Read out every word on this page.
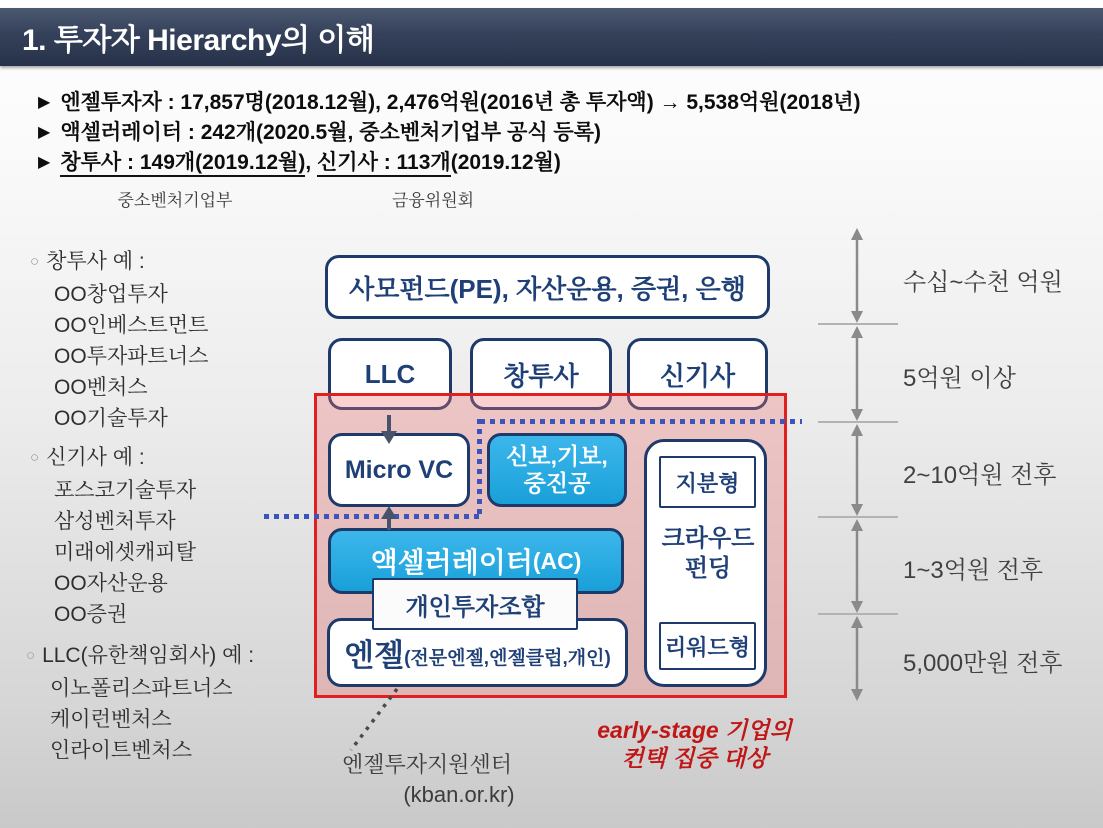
1. 투자자 Hierarchy의 이해
▶ 엔젤투자자 : 17,857명(2018.12월), 2,476억원(2016년 총 투자액) → 5,538억원(2018년)
▶ 액셀러레이터 : 242개(2020.5월, 중소벤처기업부 공식 등록)
▶ 창투사 : 149개(2019.12월), 신기사 : 113개(2019.12월)
중소벤처기업부	금융위원회
○ 창투사 예 :
OO창업투자
OO인베스트먼트
OO투자파트너스
OO벤처스
OO기술투자
○ 신기사 예 :
포스코기술투자
삼성벤처투자
미래에셋캐피탈
OO자산운용
OO증권
○ LLC(유한책임회사) 예 :
이노폴리스파트너스
케이런벤처스
인라이트벤처스
사모펀드(PE), 자산운용, 증권, 은행
LLC	창투사	신기사
Micro VC	신보,기보,
중진공	지분형
크라우드
펀딩
리워드형
액셀러레이터 (AC)
엔젤 (전문엔젤,엔젤클럽,개인)
개인투자조합
엔젤투자지원센터
(kban.or.kr)
early-stage 기업의
컨택 집중 대상
수십~수천 억원
5억원 이상
2~10억원 전후
1~3억원 전후
5,000만원 전후
